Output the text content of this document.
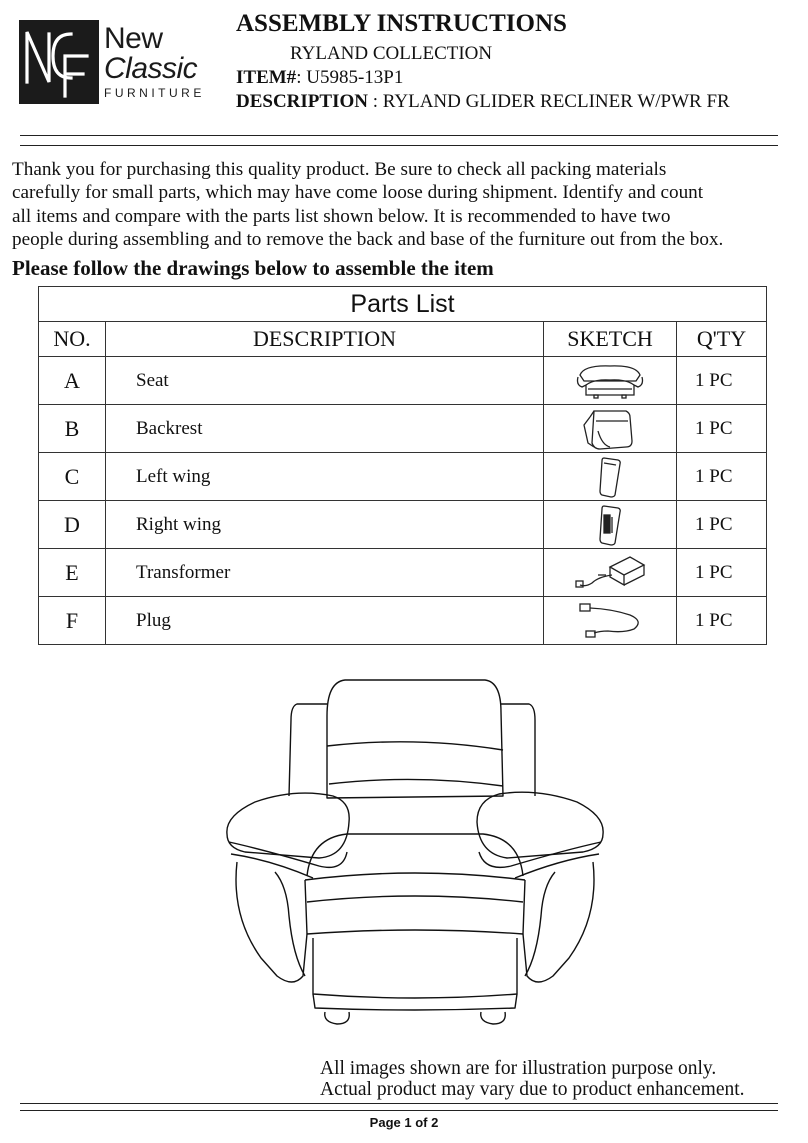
New
Classic
FURNITURE
ASSEMBLY INSTRUCTIONS
RYLAND COLLECTION
ITEM#: U5985-13P1
DESCRIPTION : RYLAND GLIDER RECLINER W/PWR FR

Thank you for purchasing this quality product. Be sure to check all packing materials

carefully for small parts, which may have come loose during shipment. Identify and count

all items and compare with the parts list shown below. It is recommended to have two

people during assembling and to remove the back and base of the furniture out from the box.

Please follow the drawings below to assemble the item
Parts List			
NO.	DESCRIPTION	SKETCH	Q'TY
A	Seat		1 PC
B	Backrest		1 PC
C	Left wing		1 PC
D	Right wing		1 PC
E	Transformer		1 PC
F	Plug		1 PC
All images shown are for illustration purpose only.
Actual product may vary due to product enhancement.
Page 1 of 2
